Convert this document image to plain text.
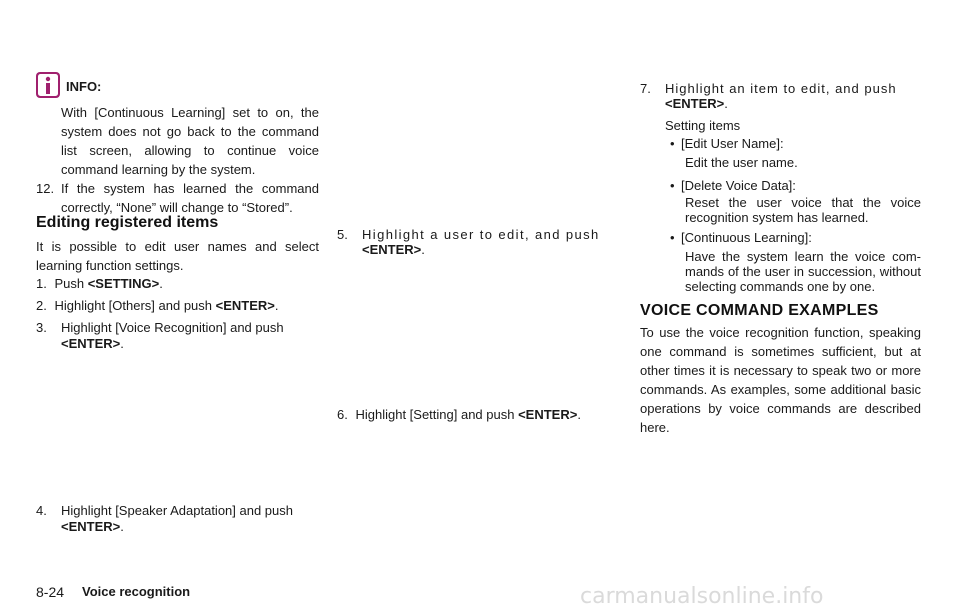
INFO:
With [Continuous Learning] set to on, the system does not go back to the command list screen, allowing to continue voice command learning by the system.
12. If the system has learned the command correctly, “None” will change to “Stored”.
Editing registered items
It is possible to edit user names and select learning function settings.
1. Push <SETTING>.
2. Highlight [Others] and push <ENTER>.
3. Highlight [Voice Recognition] and push
<ENTER>.
4. Highlight [Speaker Adaptation] and push
<ENTER>.
5. Highlight a user to edit, and push
<ENTER>.
6. Highlight [Setting] and push <ENTER>.
7. Highlight an item to edit, and push
<ENTER>.
Setting items
• [Edit User Name]:
Edit the user name.
• [Delete Voice Data]:
Reset the user voice that the voice recognition system has learned.
• [Continuous Learning]:
Have the system learn the voice com-mands of the user in succession, without selecting commands one by one.
VOICE COMMAND EXAMPLES
To use the voice recognition function, speaking one command is sometimes sufficient, but at other times it is necessary to speak two or more commands. As examples, some additional basic operations by voice commands are described here.
8-24 Voice recognition	carmanualsonline.info
